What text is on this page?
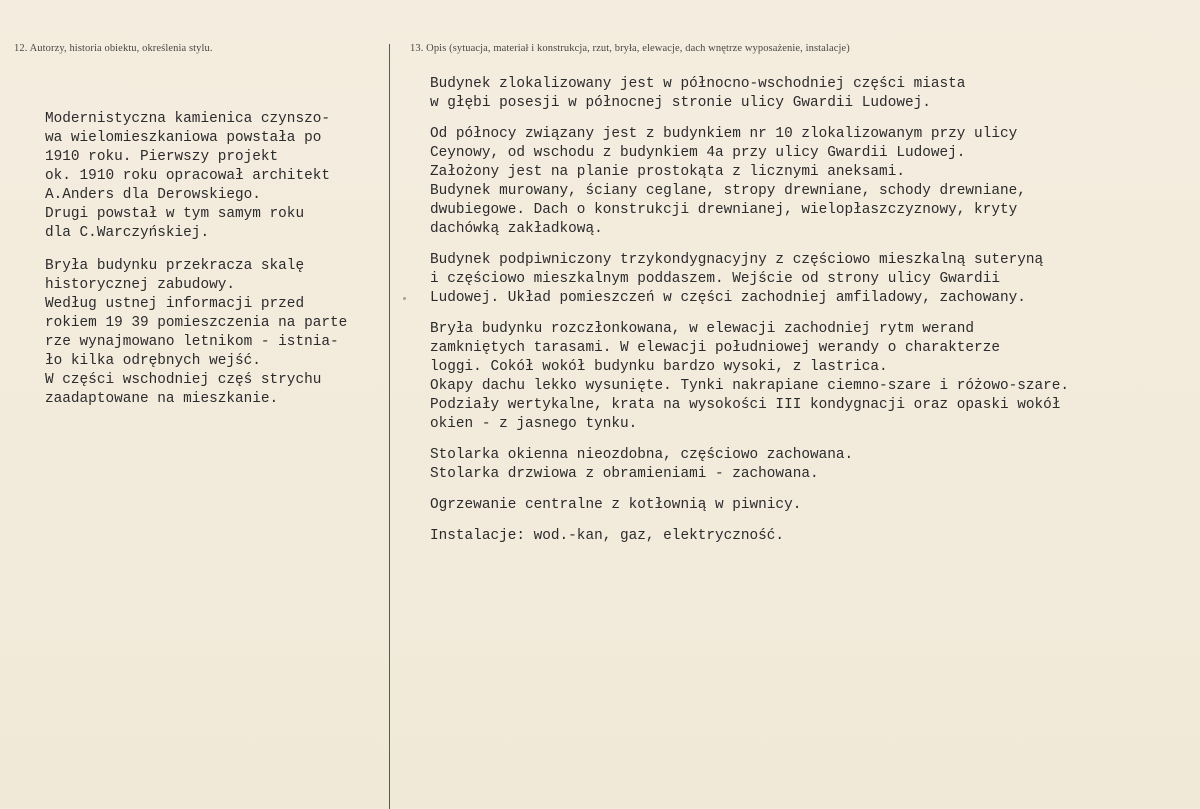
12. Autorzy, historia obiektu, określenia stylu.	13. Opis (sytuacja, materiał i konstrukcja, rzut, bryła, elewacje, dach wnętrze wyposażenie, instalacje)
Modernistyczna kamienica czynszo-
wa wielomieszkaniowa powstała po
1910 roku. Pierwszy projekt
ok. 1910 roku opracował architekt
A.Anders dla Derowskiego.
Drugi powstał w tym samym roku
dla C.Warczyńskiej.
Bryła budynku przekracza skalę
historycznej zabudowy.
Według ustnej informacji przed
rokiem 19 39 pomieszczenia na parte
rze wynajmowano letnikom - istnia-
ło kilka odrębnych wejść.
W części wschodniej częś strychu
zaadaptowane na mieszkanie.
Budynek zlokalizowany jest w północno-wschodniej części miasta
w głębi posesji w północnej stronie ulicy Gwardii Ludowej.
Od północy związany jest z budynkiem nr 10 zlokalizowanym przy ulicy
Ceynowy, od wschodu z budynkiem 4a przy ulicy Gwardii Ludowej.
Założony jest na planie prostokąta z licznymi aneksami.
Budynek murowany, ściany ceglane, stropy drewniane, schody drewniane,
dwubiegowe. Dach o konstrukcji drewnianej, wielopłaszczyznowy, kryty
dachówką zakładkową.
Budynek podpiwniczony trzykondygnacyjny z częściowo mieszkalną suteryną
i częściowo mieszkalnym poddaszem. Wejście od strony ulicy Gwardii
Ludowej. Układ pomieszczeń w części zachodniej amfiladowy, zachowany.
Bryła budynku rozczłonkowana, w elewacji zachodniej rytm werand
zamkniętych tarasami. W elewacji południowej werandy o charakterze
loggi. Cokół wokół budynku bardzo wysoki, z lastrica.
Okapy dachu lekko wysunięte. Tynki nakrapiane ciemno-szare i różowo-szare.
Podziały wertykalne, krata na wysokości III kondygnacji oraz opaski wokół
okien - z jasnego tynku.
Stolarka okienna nieozdobna, częściowo zachowana.
Stolarka drzwiowa z obramieniami - zachowana.
Ogrzewanie centralne z kotłownią w piwnicy.
Instalacje: wod.-kan, gaz, elektryczność.
